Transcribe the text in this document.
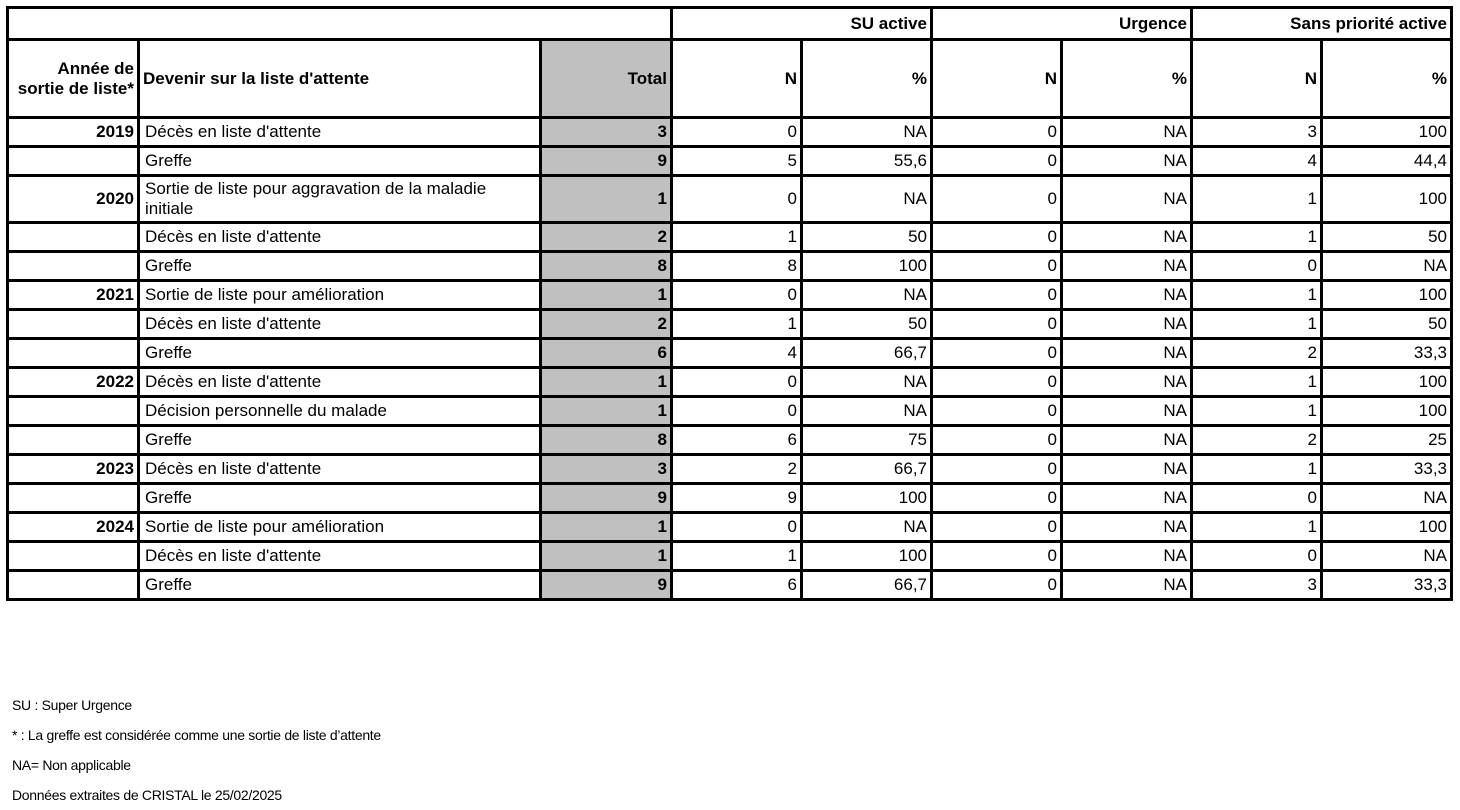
			SU active		Urgence		Sans priorité active	
Année de sortie de liste*	Devenir sur la liste d'attente	Total	N	%	N	%	N	%
2019	Décès en liste d'attente	3	0	NA	0	NA	3	100
	Greffe	9	5	55,6	0	NA	4	44,4
2020	Sortie de liste pour aggravation de la maladie initiale	1	0	NA	0	NA	1	100
	Décès en liste d'attente	2	1	50	0	NA	1	50
	Greffe	8	8	100	0	NA	0	NA
2021	Sortie de liste pour amélioration	1	0	NA	0	NA	1	100
	Décès en liste d'attente	2	1	50	0	NA	1	50
	Greffe	6	4	66,7	0	NA	2	33,3
2022	Décès en liste d'attente	1	0	NA	0	NA	1	100
	Décision personnelle du malade	1	0	NA	0	NA	1	100
	Greffe	8	6	75	0	NA	2	25
2023	Décès en liste d'attente	3	2	66,7	0	NA	1	33,3
	Greffe	9	9	100	0	NA	0	NA
2024	Sortie de liste pour amélioration	1	0	NA	0	NA	1	100
	Décès en liste d'attente	1	1	100	0	NA	0	NA
	Greffe	9	6	66,7	0	NA	3	33,3
SU : Super Urgence
* : La greffe est considérée comme une sortie de liste d’attente
NA= Non applicable
Données extraites de CRISTAL le 25/02/2025
